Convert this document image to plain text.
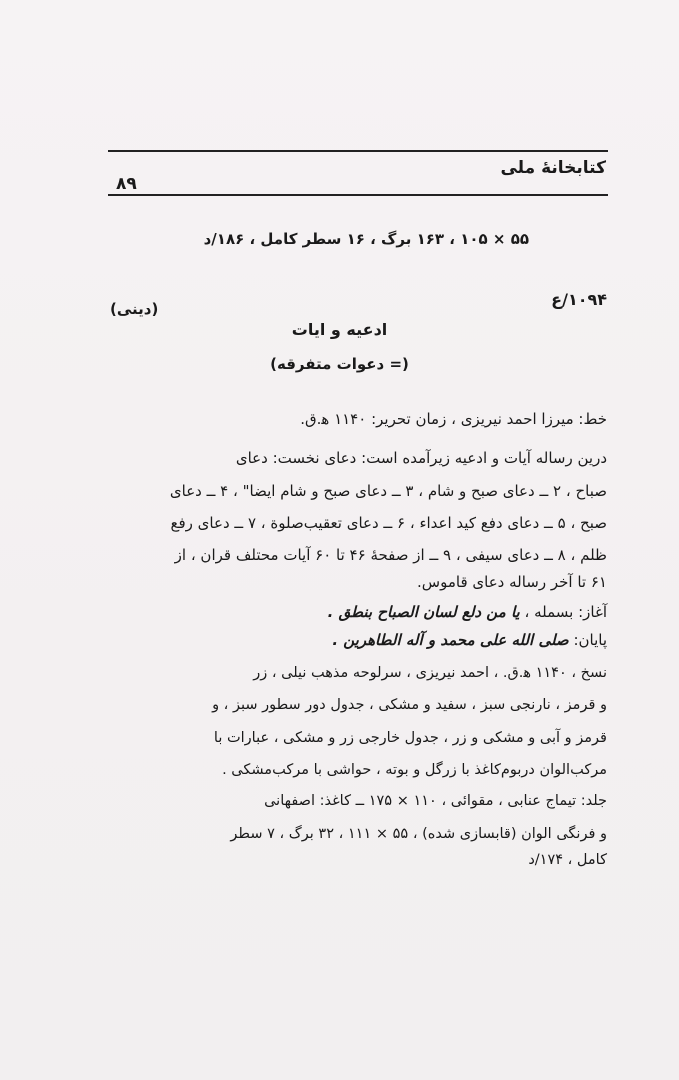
کتابخانهٔ ملی
۸۹
۵۵ × ۱۰۵ ، ۱۶۳ برگ ، ۱۶ سطر کامل ، ۱۸۶/د
۱۰۹۴/ع
(دینی)
ادعیه و ایات
(= دعوات متفرقه)
خط: میرزا احمد نیریزی ، زمان تحریر: ۱۱۴۰ ه‍.ق.
درین رساله آیات و ادعیه زیرآمده است: دعای نخست: دعای
صباح ، ۲ ــ دعای صبح و شام ، ۳ ــ دعای صبح و شام ایضا" ، ۴ ــ دعای
صبح ، ۵ ــ دعای دفع کید اعداء ، ۶ ــ دعای تعقیب‌صلوة ، ۷ ــ دعای رفع
ظلم ، ۸ ــ دعای سیفی ، ۹ ــ از صفحهٔ ۴۶ تا ۶۰ آیات محتلف قران ، از
۶۱ تا آخر رساله دعای قاموس.
آغاز: بسمله ، یا من دلع لسان الصباح بنطق .
پایان: صلی الله علی محمد و آله الطاهرین .
نسخ ، ۱۱۴۰ ه‍.ق. ، احمد نیریزی ، سرلوحه مذهب نیلی ، زر
و قرمز ، نارنجی سبز ، سفید و مشکی ، جدول دور سطور سبز ، و
قرمز و آبی و مشکی و زر ، جدول خارجی زر و مشکی ، عبارات با
مرکب‌الوان دربوم‌کاغذ با زرگل و بوته ، حواشی با مرکب‌مشکی .
جلد: تیماج عنابی ، مقوائی ، ۱۱۰ × ۱۷۵ ــ کاغذ: اصفهانی
و فرنگی الوان (قابسازی شده) ، ۵۵ × ۱۱۱ ، ۳۲ برگ ، ۷ سطر
کامل ، ۱۷۴/د
